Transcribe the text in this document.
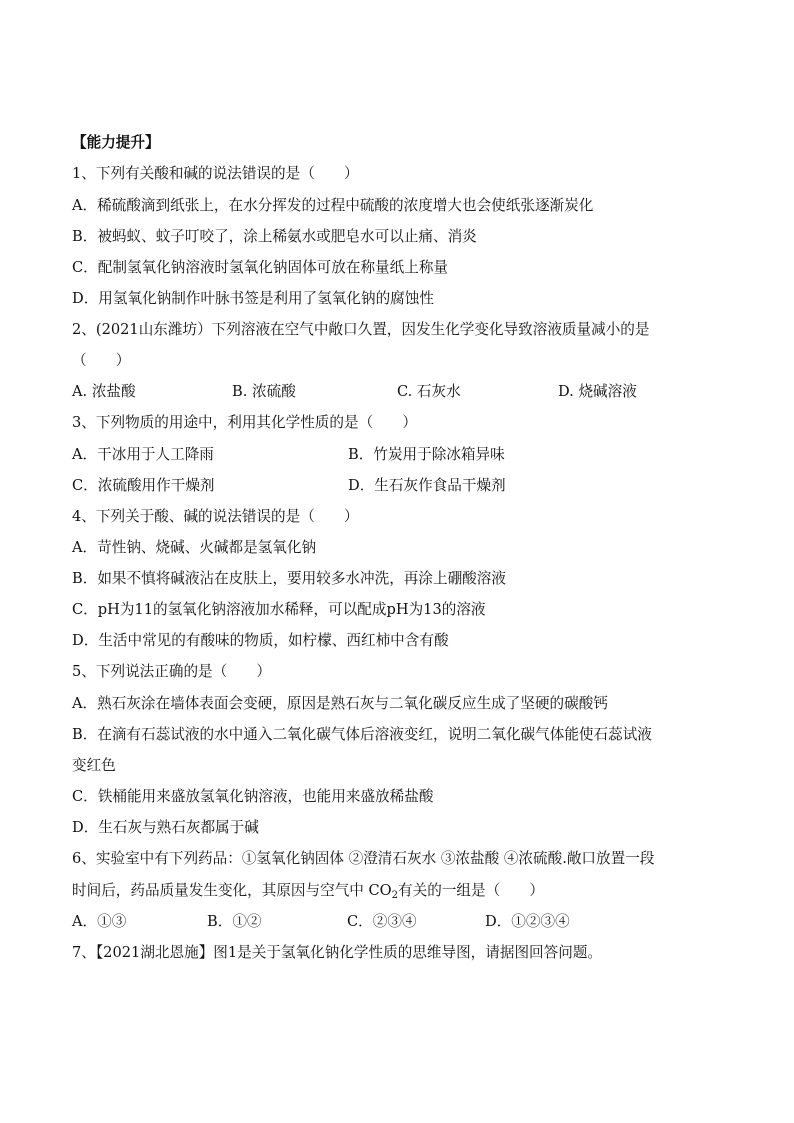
【能力提升】
1、下列有关酸和碱的说法错误的是（　　）
A．稀硫酸滴到纸张上，在水分挥发的过程中硫酸的浓度增大也会使纸张逐渐炭化
B．被蚂蚁、蚊子叮咬了，涂上稀氨水或肥皂水可以止痛、消炎
C．配制氢氧化钠溶液时氢氧化钠固体可放在称量纸上称量
D．用氢氧化钠制作叶脉书签是利用了氢氧化钠的腐蚀性
2、(2021山东潍坊）下列溶液在空气中敞口久置，因发生化学变化导致溶液质量减小的是
（　　）
A. 浓盐酸	B. 浓硫酸	C. 石灰水	D. 烧碱溶液
3、下列物质的用途中，利用其化学性质的是（　　）
A．干冰用于人工降雨	B．竹炭用于除冰箱异味
C．浓硫酸用作干燥剂	D．生石灰作食品干燥剂
4、下列关于酸、碱的说法错误的是（　　）
A．苛性钠、烧碱、火碱都是氢氧化钠
B．如果不慎将碱液沾在皮肤上，要用较多水冲洗，再涂上硼酸溶液
C．pH为11的氢氧化钠溶液加水稀释，可以配成pH为13的溶液
D．生活中常见的有酸味的物质，如柠檬、西红柿中含有酸
5、下列说法正确的是（　　）
A．熟石灰涂在墙体表面会变硬，原因是熟石灰与二氧化碳反应生成了坚硬的碳酸钙
B．在滴有石蕊试液的水中通入二氧化碳气体后溶液变红，说明二氧化碳气体能使石蕊试液
变红色
C．铁桶能用来盛放氢氧化钠溶液，也能用来盛放稀盐酸
D．生石灰与熟石灰都属于碱
6、实验室中有下列药品：①氢氧化钠固体 ②澄清石灰水 ③浓盐酸 ④浓硫酸.敞口放置一段
时间后，药品质量发生变化，其原因与空气中 $CO_2$有关的一组是（　　）
A．①③	B．①②	C．②③④	D．①②③④
7、【2021湖北恩施】图1是关于氢氧化钠化学性质的思维导图，请据图回答问题。
